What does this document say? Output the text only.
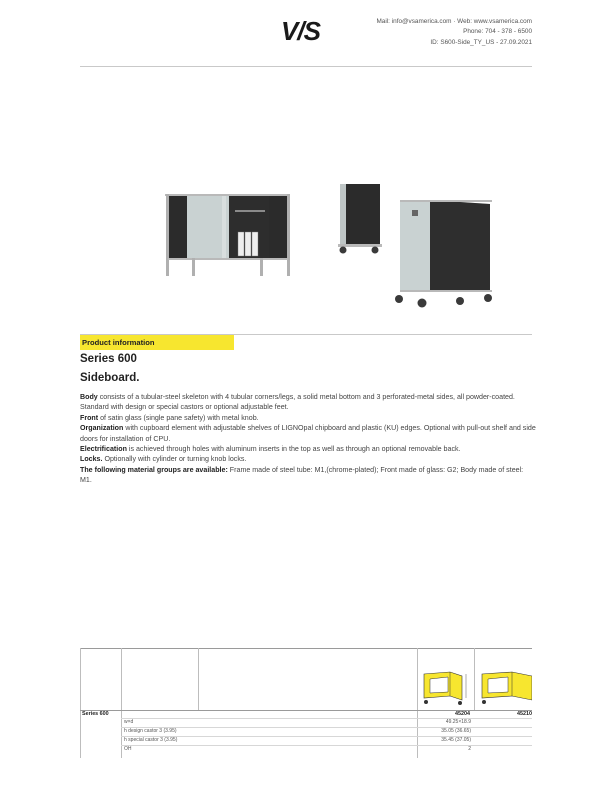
V/S	Mail: info@vsamerica.com · Web: www.vsamerica.com
Phone: 704 - 378 - 6500
ID: S600-Side_TY_US - 27.09.2021
Product information
Series 600
Sideboard.

Body consists of a tubular-steel skeleton with 4 tubular corners/legs, a solid metal bottom and 3 perforated-metal sides, all powder-coated. Standard with design or special castors or optional adjustable feet.

Front of satin glass (single pane safety) with metal knob.

Organization with cupboard element with adjustable shelves of LIGNOpal chipboard and plastic (KU) edges. Optional with pull-out shelf and side doors for installation of CPU.

Electrification is achieved through holes with aluminum inserts in the top as well as through an optional removable back.

Locks. Optionally with cylinder or turning knob locks.

The following material groups are available: Frame made of steel tube: M1,(chrome-plated); Front made of glass: G2; Body made of steel: M1.

Series 600	45204	45210
w×d	49.25×18.9
h design castor 3 (3.95)	35.05 (36.65)
h special castor 3 (3.95)	35.45 (37.05)
OH	2
